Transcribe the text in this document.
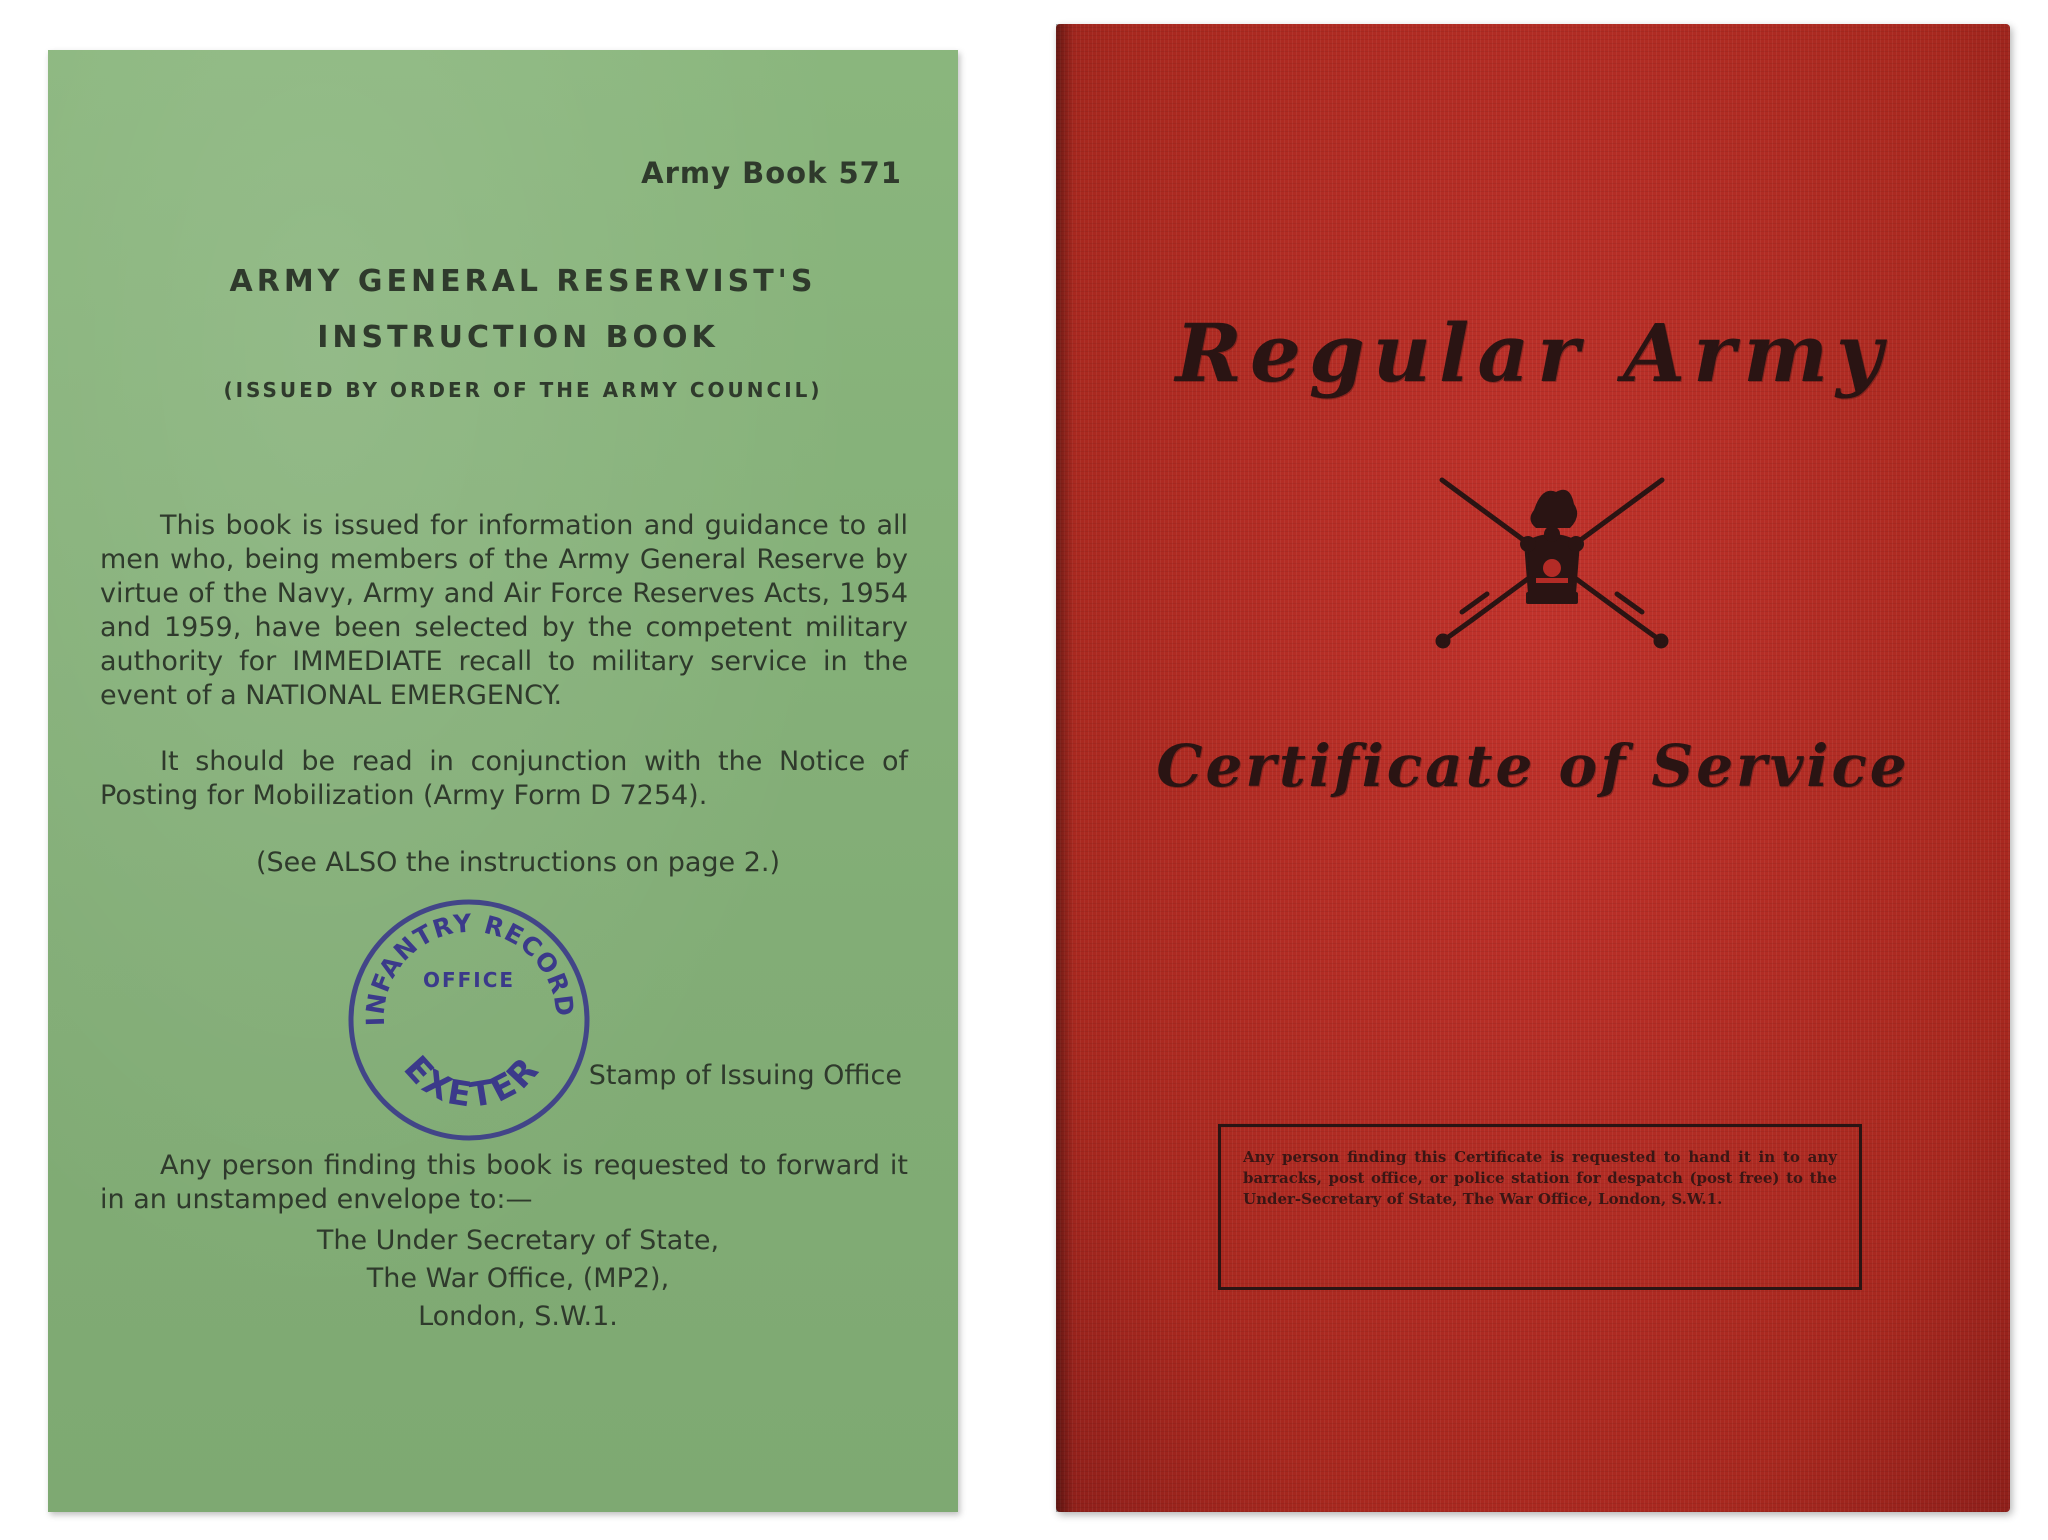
Army Book 571

ARMY GENERAL RESERVIST'S

INSTRUCTION BOOK

(ISSUED BY ORDER OF THE ARMY COUNCIL)

This book is issued for information and guidance to all men who, being members of the Army General Reserve by virtue of the Navy, Army and Air Force Reserves Acts, 1954 and 1959, have been selected by the competent military authority for IMMEDIATE recall to military service in the event of a NATIONAL EMERGENCY.

It should be read in conjunction with the Notice of Posting for Mobilization (Army Form D 7254).

(See ALSO the instructions on page 2.)

INFANTRY RECORD
OFFICE
EXETER Stamp of Issuing Office

Any person finding this book is requested to forward it in an unstamped envelope to:—

The Under Secretary of State,
The War Office, (MP2),
London, S.W.1.
Regular Army
Certificate of Service
Any person finding this Certificate is requested to hand it in to any barracks, post office, or police station for despatch (post free) to the Under-Secretary of State, The War Office, London, S.W.1.
